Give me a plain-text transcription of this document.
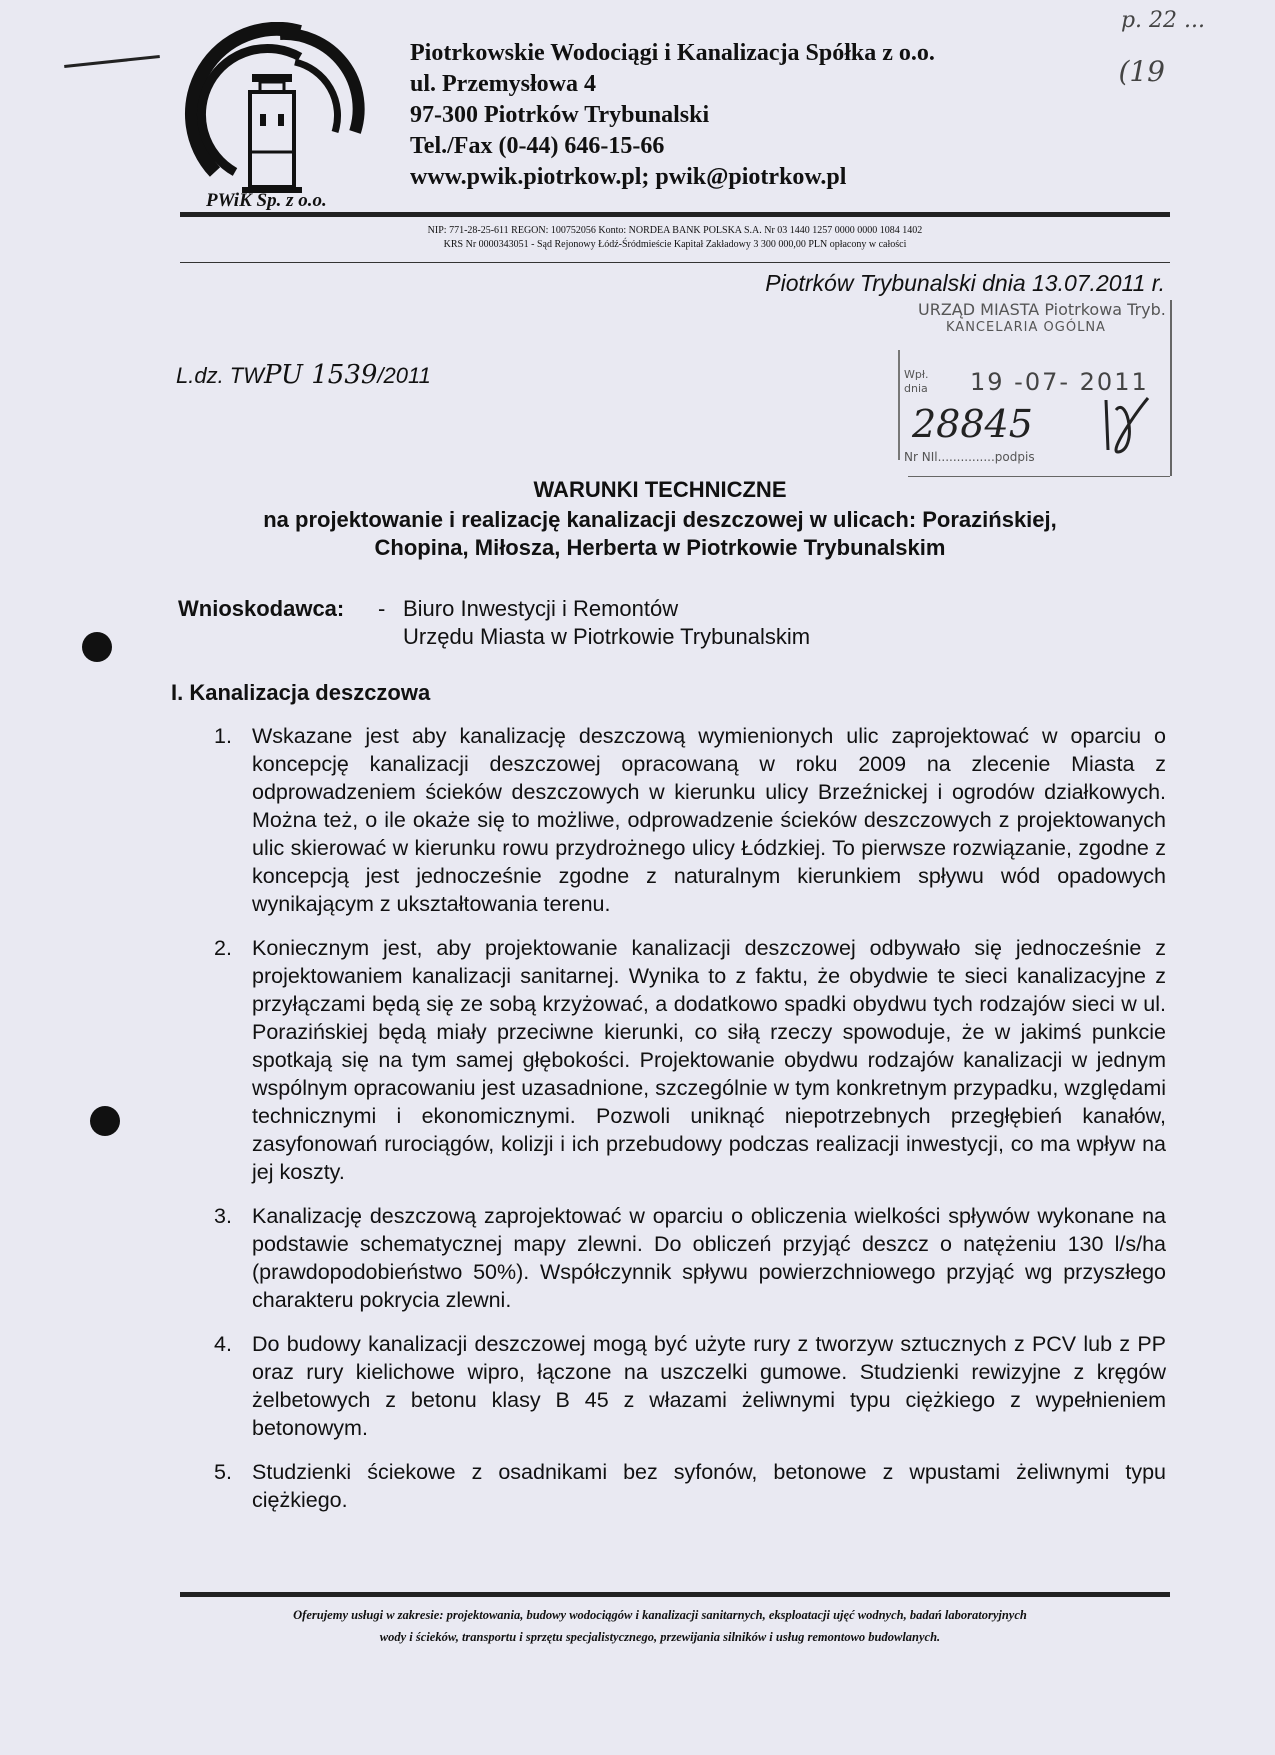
p. 22 ...
(19
PWiK Sp. z o.o.
Piotrkowskie Wodociągi i Kanalizacja Spółka z o.o.
ul. Przemysłowa 4
97-300 Piotrków Trybunalski
Tel./Fax (0-44) 646-15-66
www.pwik.piotrkow.pl; pwik@piotrkow.pl
NIP: 771-28-25-611 REGON: 100752056 Konto: NORDEA BANK POLSKA S.A. Nr 03 1440 1257 0000 0000 1084 1402
KRS Nr 0000343051 - Sąd Rejonowy Łódź-Śródmieście Kapitał Zakładowy 3 300 000,00 PLN opłacony w całości
Piotrków Trybunalski dnia 13.07.2011 r.
L.dz. TWPU 1539/2011
URZĄD MIASTA Piotrkowa Tryb.
KANCELARIA OGÓLNA
Wpł.
dnia 19 -07- 2011
28845
Nr NIl...............podpis
WARUNKI TECHNICZNE
na projektowanie i realizację kanalizacji deszczowej w ulicach: Porazińskiej,
Chopina, Miłosza, Herberta w Piotrkowie Trybunalskim
Wnioskodawca: - Biuro Inwestycji i Remontów
Urzędu Miasta w Piotrkowie Trybunalskim
I. Kanalizacja deszczowa
1. Wskazane jest aby kanalizację deszczową wymienionych ulic zaprojektować w oparciu o koncepcję kanalizacji deszczowej opracowaną w roku 2009 na zlecenie Miasta z odprowadzeniem ścieków deszczowych w kierunku ulicy Brzeźnickej i ogrodów działkowych. Można też, o ile okaże się to możliwe, odprowadzenie ścieków deszczowych z projektowanych ulic skierować w kierunku rowu przydrożnego ulicy Łódzkiej. To pierwsze rozwiązanie, zgodne z koncepcją jest jednocześnie zgodne z naturalnym kierunkiem spływu wód opadowych wynikającym z ukształtowania terenu.
2. Koniecznym jest, aby projektowanie kanalizacji deszczowej odbywało się jednocześnie z projektowaniem kanalizacji sanitarnej. Wynika to z faktu, że obydwie te sieci kanalizacyjne z przyłączami będą się ze sobą krzyżować, a dodatkowo spadki obydwu tych rodzajów sieci w ul. Porazińskiej będą miały przeciwne kierunki, co siłą rzeczy spowoduje, że w jakimś punkcie spotkają się na tym samej głębokości. Projektowanie obydwu rodzajów kanalizacji w jednym wspólnym opracowaniu jest uzasadnione, szczególnie w tym konkretnym przypadku, względami technicznymi i ekonomicznymi. Pozwoli uniknąć niepotrzebnych przegłębień kanałów, zasyfonowań rurociągów, kolizji i ich przebudowy podczas realizacji inwestycji, co ma wpływ na jej koszty.
3. Kanalizację deszczową zaprojektować w oparciu o obliczenia wielkości spływów wykonane na podstawie schematycznej mapy zlewni. Do obliczeń przyjąć deszcz o natężeniu 130 l/s/ha (prawdopodobieństwo 50%). Współczynnik spływu powierzchniowego przyjąć wg przyszłego charakteru pokrycia zlewni.
4. Do budowy kanalizacji deszczowej mogą być użyte rury z tworzyw sztucznych z PCV lub z PP oraz rury kielichowe wipro, łączone na uszczelki gumowe. Studzienki rewizyjne z kręgów żelbetowych z betonu klasy B 45 z włazami żeliwnymi typu ciężkiego z wypełnieniem betonowym.
5. Studzienki ściekowe z osadnikami bez syfonów, betonowe z wpustami żeliwnymi typu ciężkiego.
Oferujemy usługi w zakresie: projektowania, budowy wodociągów i kanalizacji sanitarnych, eksploatacji ujęć wodnych, badań laboratoryjnych
wody i ścieków, transportu i sprzętu specjalistycznego, przewijania silników i usług remontowo budowlanych.
